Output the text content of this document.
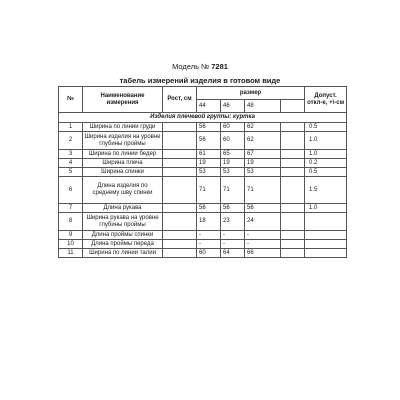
Модель № 7281
табель измерений изделия в готовом виде
№	Наименование измерения	Рост, см	размер				Допуст. откл-е, +\-см
			44	46	48		
Изделия плечевой группы: куртка							
1	Ширина по линии груди		56	60	62		0.5
2	Ширина изделия на уровне глубины проймы		56	60	62		1.0
3	Ширина по линии бедер		61	65	67		1.0
4	Ширина плеча		19	19	19		0.2
5	Ширина спинки		53	53	53		0.5
6	Длина изделия по среднему шву спинки		71	71	71		1.5
7	Длина рукава		56	56	56		1.0
8	Ширина рукава на уровне глубины проймы		18	23	24		
9	Длина проймы спинки		-	-	-		
10	Длина проймы переда		-	-	-		
11	Ширина по линии талии		60	64	66		
